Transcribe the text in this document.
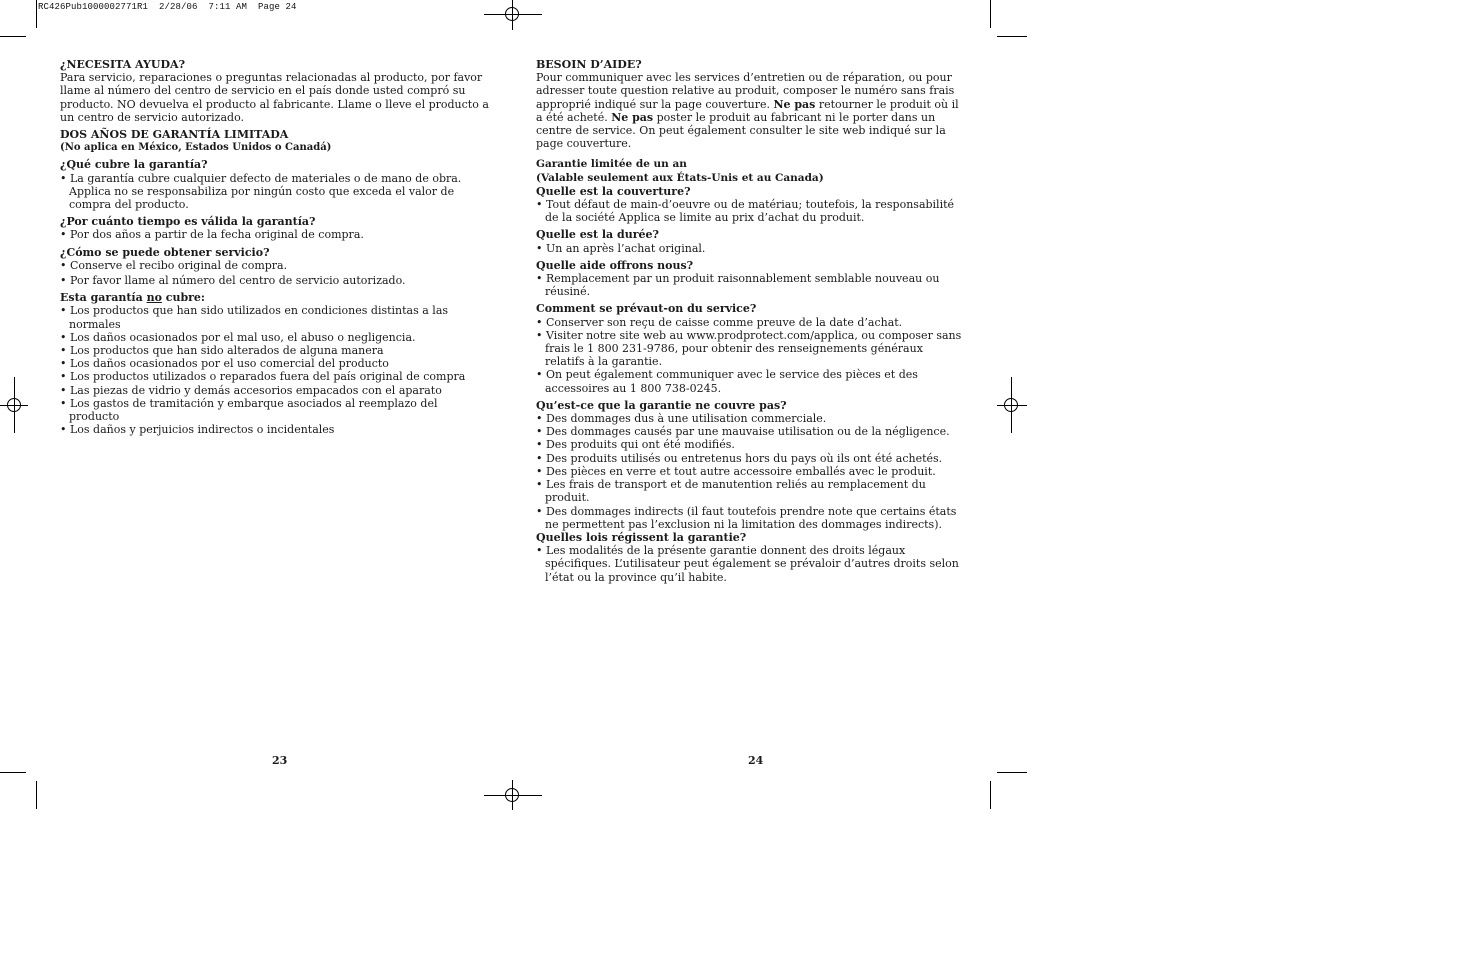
RC426Pub1000002771R1  2/28/06  7:11 AM  Page 24

¿NECESITA AYUDA?

Para servicio, reparaciones o preguntas relacionadas al producto, por favor llame al número del centro de servicio en el país donde usted compró su producto. NO devuelva el producto al fabricante. Llame o lleve el producto a un centro de servicio autorizado.

DOS AÑOS DE GARANTÍA LIMITADA

(No aplica en México, Estados Unidos o Canadá)

¿Qué cubre la garantía?

• La garantía cubre cualquier defecto de materiales o de mano de obra. Applica no se responsabiliza por ningún costo que exceda el valor de compra del producto.

¿Por cuánto tiempo es válida la garantía?

• Por dos años a partir de la fecha original de compra.

¿Cómo se puede obtener servicio?

• Conserve el recibo original de compra.

• Por favor llame al número del centro de servicio autorizado.

Esta garantía no cubre:

• Los productos que han sido utilizados en condiciones distintas a las normales

• Los daños ocasionados por el mal uso, el abuso o negligencia.

• Los productos que han sido alterados de alguna manera

• Los daños ocasionados por el uso comercial del producto

• Los productos utilizados o reparados fuera del país original de compra

• Las piezas de vidrio y demás accesorios empacados con el aparato

• Los gastos de tramitación y embarque asociados al reemplazo del producto

• Los daños y perjuicios indirectos o incidentales

23

BESOIN D’AIDE?

Pour communiquer avec les services d’entretien ou de réparation, ou pour adresser toute question relative au produit, composer le numéro sans frais approprié indiqué sur la page couverture. Ne pas retourner le produit où il a été acheté. Ne pas poster le produit au fabricant ni le porter dans un centre de service. On peut également consulter le site web indiqué sur la page couverture.

Garantie limitée de un an

(Valable seulement aux États-Unis et au Canada)

Quelle est la couverture?

• Tout défaut de main-d’oeuvre ou de matériau; toutefois, la responsabilité de la société Applica se limite au prix d’achat du produit.

Quelle est la durée?

• Un an après l’achat original.

Quelle aide offrons nous?

• Remplacement par un produit raisonnablement semblable nouveau ou réusiné.

Comment se prévaut-on du service?

• Conserver son reçu de caisse comme preuve de la date d’achat.

• Visiter notre site web au www.prodprotect.com/applica, ou composer sans frais le 1 800 231-9786, pour obtenir des renseignements généraux relatifs à la garantie.

• On peut également communiquer avec le service des pièces et des accessoires au 1 800 738-0245.

Qu’est-ce que la garantie ne couvre pas?

• Des dommages dus à une utilisation commerciale.

• Des dommages causés par une mauvaise utilisation ou de la négligence.

• Des produits qui ont été modifiés.

• Des produits utilisés ou entretenus hors du pays où ils ont été achetés.

• Des pièces en verre et tout autre accessoire emballés avec le produit.

• Les frais de transport et de manutention reliés au remplacement du produit.

• Des dommages indirects (il faut toutefois prendre note que certains états ne permettent pas l’exclusion ni la limitation des dommages indirects).

Quelles lois régissent la garantie?

• Les modalités de la présente garantie donnent des droits légaux spécifiques. L’utilisateur peut également se prévaloir d’autres droits selon l’état ou la province qu’il habite.

24
